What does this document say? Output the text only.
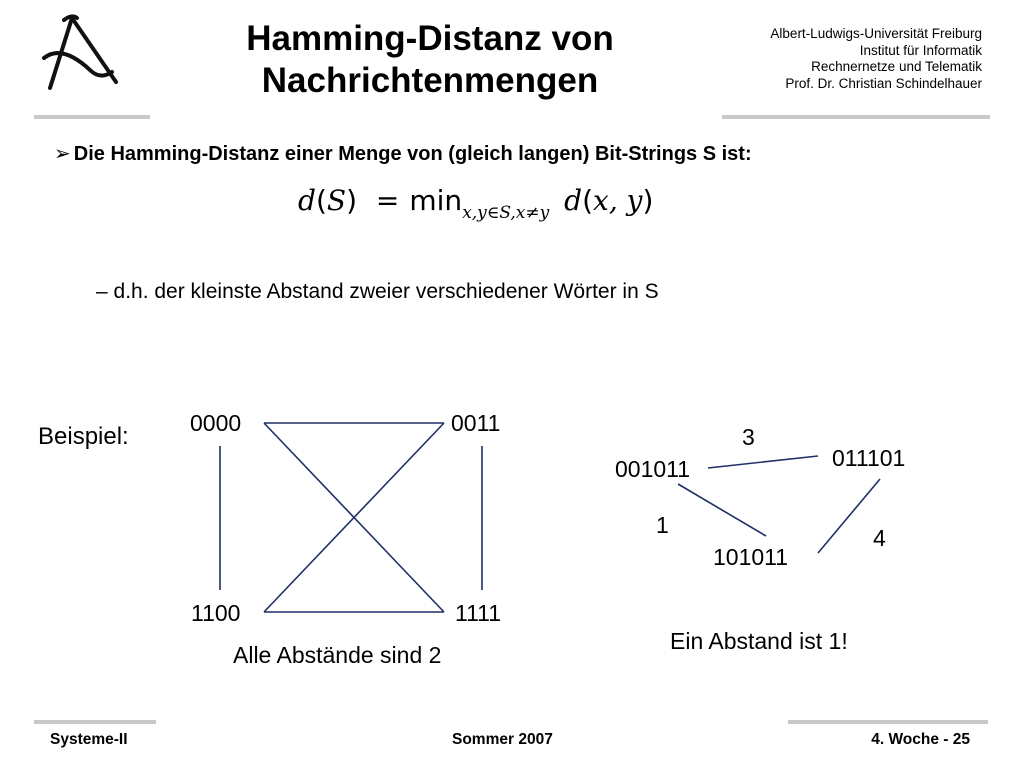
Hamming-Distanz von
Nachrichtenmengen
Albert-Ludwigs-Universität Freiburg
Institut für Informatik
Rechnernetze und Telematik
Prof. Dr. Christian Schindelhauer
➢ Die Hamming-Distanz einer Menge von (gleich langen) Bit-Strings S ist:
$d(S) = \min_{x,y\in S,x\ne y} d(x$, y)
– d.h. der kleinste Abstand zweier verschiedener Wörter in S
Beispiel:	0000	0011
1100	1111
Alle Abstände sind 2
001011	011101
101011
3
1	4
Ein Abstand ist 1!
Systeme-II	Sommer 2007	4. Woche - 25
